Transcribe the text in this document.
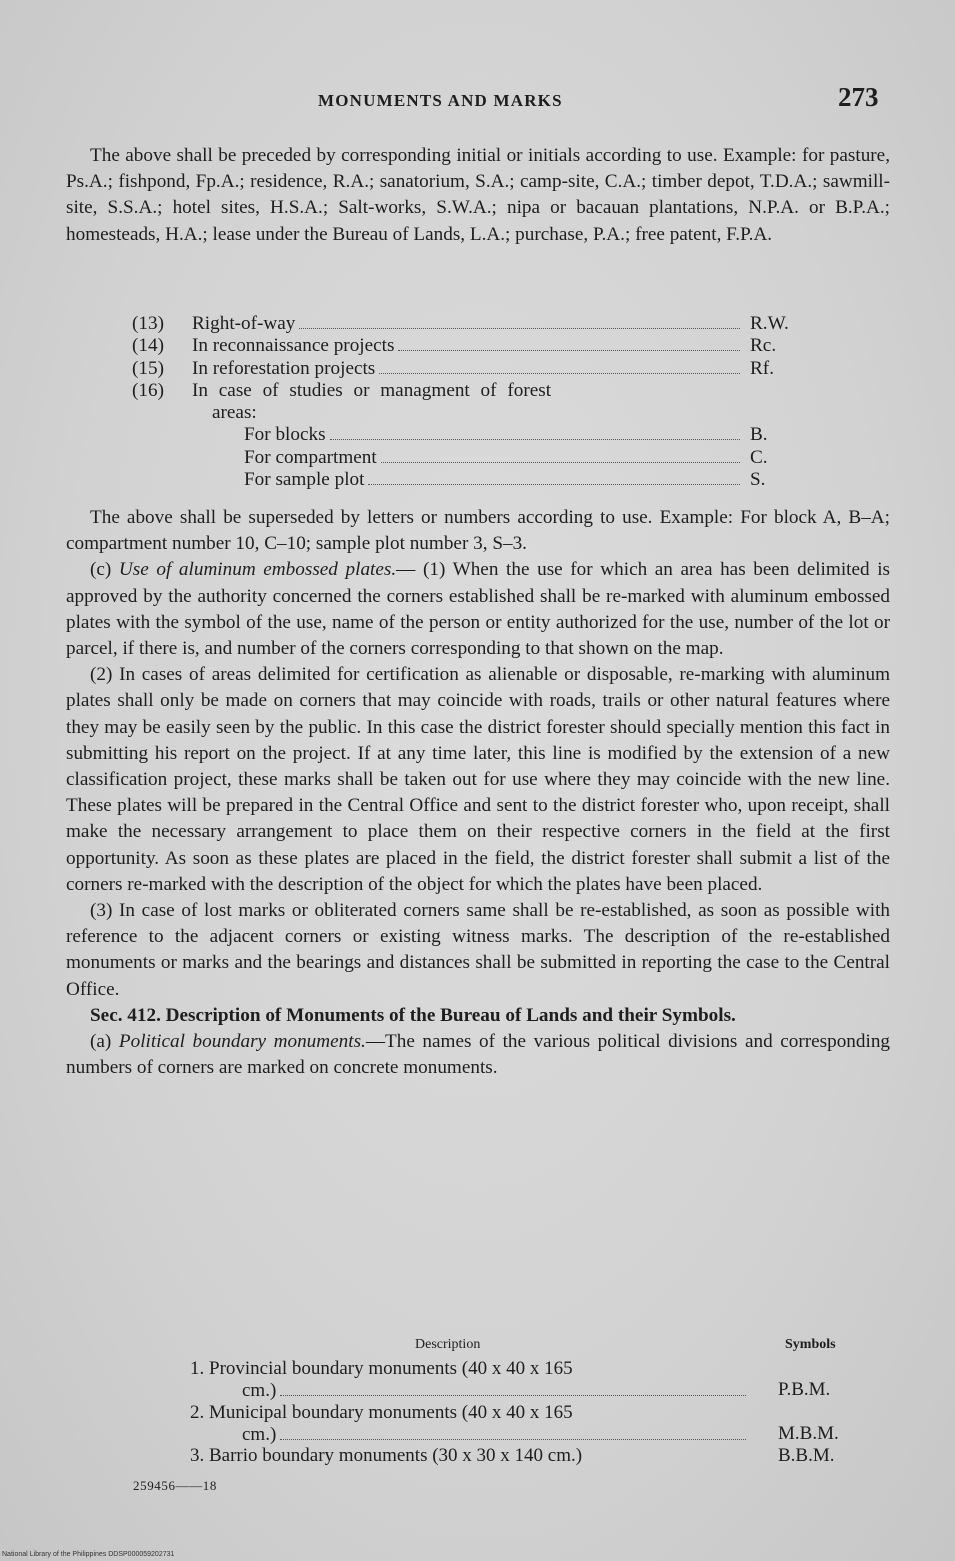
MONUMENTS AND MARKS	273

The above shall be preceded by corresponding initial or initials according to use. Example: for pasture, Ps.A.; fishpond, Fp.A.; residence, R.A.; sanatorium, S.A.; camp-site, C.A.; timber depot, T.D.A.; sawmill-site, S.S.A.; hotel sites, H.S.A.; Salt-works, S.W.A.; nipa or bacauan plantations, N.P.A. or B.P.A.; homesteads, H.A.; lease under the Bureau of Lands, L.A.; purchase, P.A.; free patent, F.P.A.

(13)	Right-of-way	R.W.
(14)	In reconnaissance projects	Rc.
(15)	In reforestation projects	Rf.
(16)	In case of studies or managment of forest
areas:
For blocks	B.
For compartment	C.
For sample plot	S.

The above shall be superseded by letters or numbers according to use. Example: For block A, B–A; compartment number 10, C–10; sample plot number 3, S–3.

(c) Use of aluminum embossed plates.— (1) When the use for which an area has been delimited is approved by the authority concerned the corners established shall be re-marked with aluminum embossed plates with the symbol of the use, name of the person or entity authorized for the use, number of the lot or parcel, if there is, and number of the corners corresponding to that shown on the map.

(2) In cases of areas delimited for certification as alienable or disposable, re-marking with aluminum plates shall only be made on corners that may coincide with roads, trails or other natural features where they may be easily seen by the public. In this case the district forester should specially mention this fact in submitting his report on the project. If at any time later, this line is modified by the extension of a new classification project, these marks shall be taken out for use where they may coincide with the new line. These plates will be prepared in the Central Office and sent to the district forester who, upon receipt, shall make the necessary arrangement to place them on their respective corners in the field at the first opportunity. As soon as these plates are placed in the field, the district forester shall submit a list of the corners re-marked with the description of the object for which the plates have been placed.

(3) In case of lost marks or obliterated corners same shall be re-established, as soon as possible with reference to the adjacent corners or existing witness marks. The description of the re-established monuments or marks and the bearings and distances shall be submitted in reporting the case to the Central Office.

Sec. 412. Description of Monuments of the Bureau of Lands and their Symbols.

(a) Political boundary monuments.—The names of the various political divisions and corresponding numbers of corners are marked on concrete monuments.

Description	Symbols
1. Provincial boundary monuments (40 x 40 x 165
cm.)	P.B.M.
2. Municipal boundary monuments (40 x 40 x 165
cm.)	M.B.M.
3. Barrio boundary monuments (30 x 30 x 140 cm.)	B.B.M.
259456——18
National Library of the Philippines DDSP000059202731
